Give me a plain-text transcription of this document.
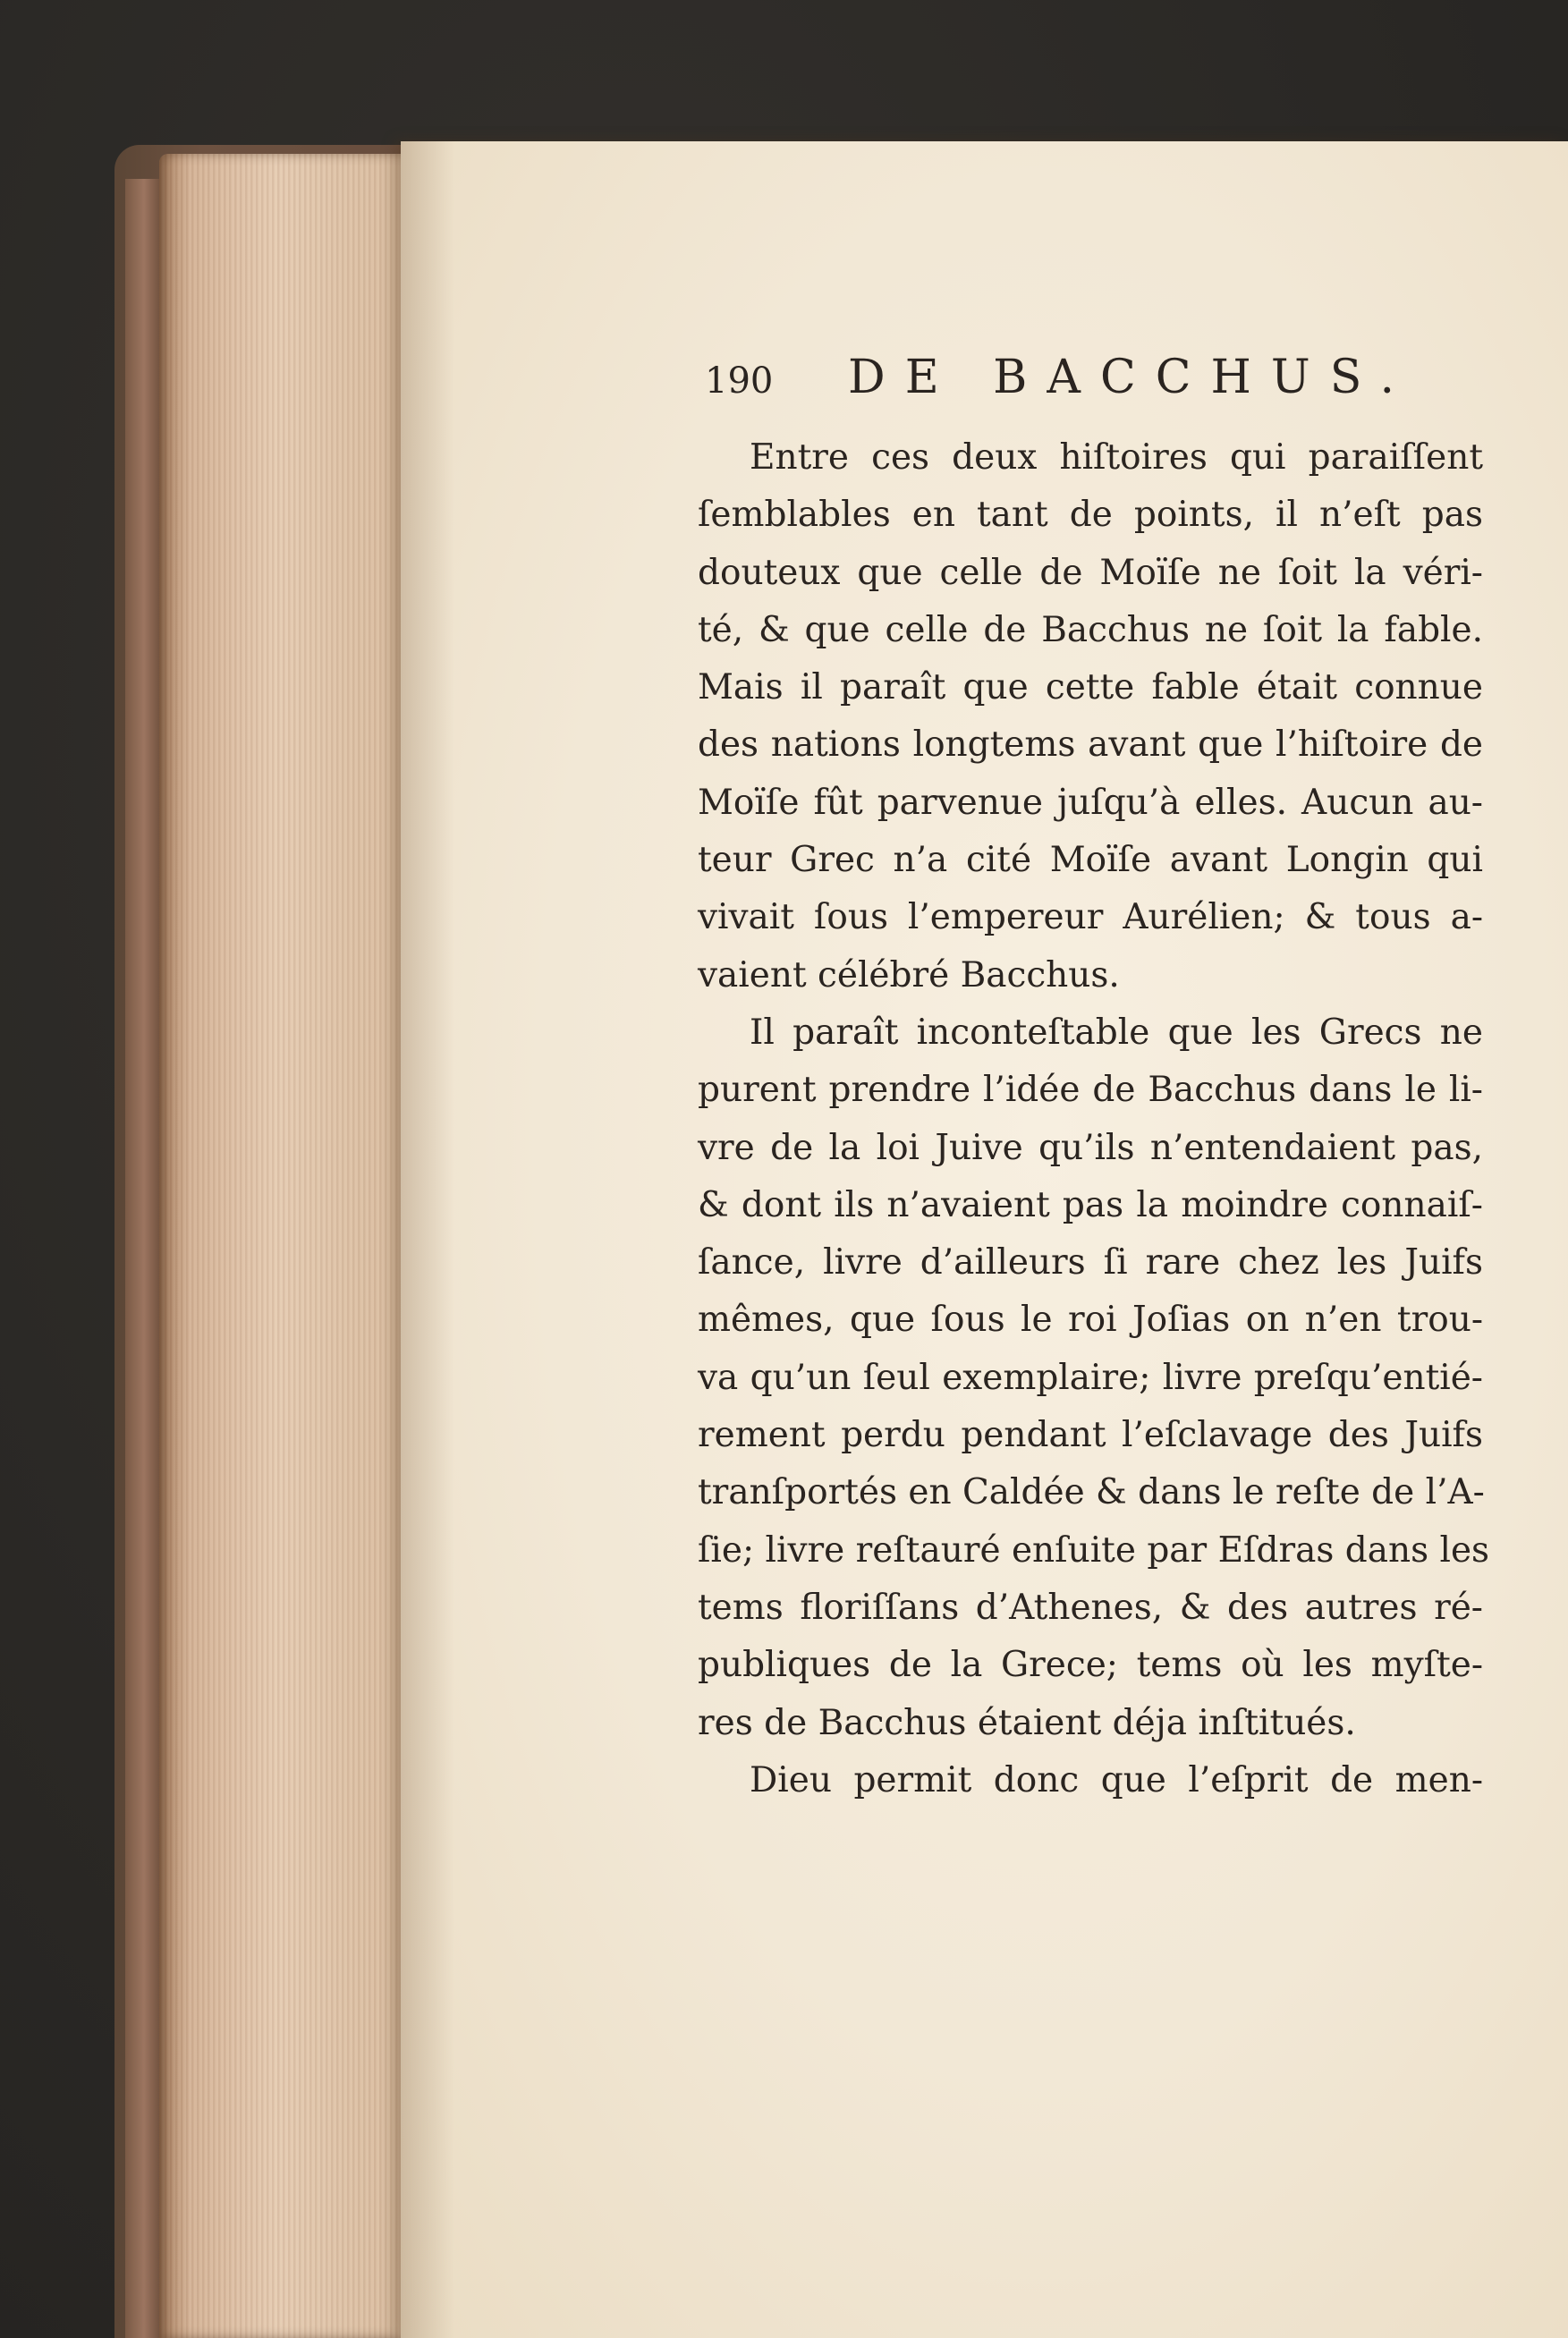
190	DE BACCHUS.
Entre ces deux hiſtoires qui paraiſſent
ſemblables en tant de points, il n’eſt pas
douteux que celle de Moïſe ne ſoit la véri-
té, & que celle de Bacchus ne ſoit la fable.
Mais il paraît que cette fable était connue
des nations longtems avant que l’hiſtoire de
Moïſe fût parvenue juſqu’à elles. Aucun au-
teur Grec n’a cité Moïſe avant Longin qui
vivait ſous l’empereur Aurélien; & tous a-
vaient célébré Bacchus.
Il paraît inconteſtable que les Grecs ne
purent prendre l’idée de Bacchus dans le li-
vre de la loi Juive qu’ils n’entendaient pas,
& dont ils n’avaient pas la moindre connaiſ-
ſance, livre d’ailleurs ſi rare chez les Juifs
mêmes, que ſous le roi Joſias on n’en trou-
va qu’un ſeul exemplaire; livre preſqu’entié-
rement perdu pendant l’eſclavage des Juifs
tranſportés en Caldée & dans le reſte de l’A-
ſie; livre reſtauré enſuite par Eſdras dans les
tems floriſſans d’Athenes, & des autres ré-
publiques de la Grece; tems où les myſte-
res de Bacchus étaient déja inſtitués.
Dieu permit donc que l’eſprit de men-
